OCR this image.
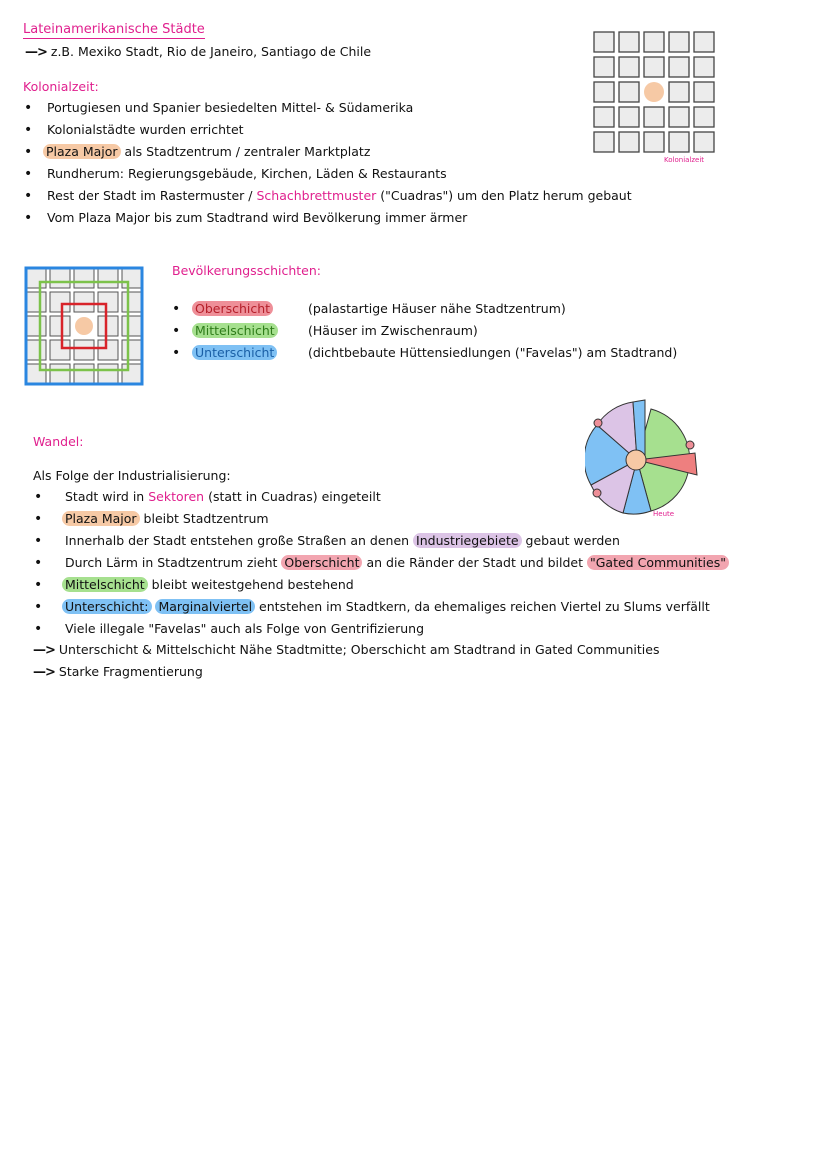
Lateinamerikanische Städte
—> z.B. Mexiko Stadt, Rio de Janeiro, Santiago de Chile
Kolonialzeit:
• Portugiesen und Spanier besiedelten Mittel- & Südamerika
• Kolonialstädte wurden errichtet
• Plaza Major als Stadtzentrum / zentraler Marktplatz
• Rundherum: Regierungsgebäude, Kirchen, Läden & Restaurants
• Rest der Stadt im Rastermuster / Schachbrettmuster ("Cuadras") um den Platz herum gebaut
• Vom Plaza Major bis zum Stadtrand wird Bevölkerung immer ärmer
Kolonialzeit
Bevölkerungsschichten:
• Oberschicht	(palastartige Häuser nähe Stadtzentrum)
• Mittelschicht	(Häuser im Zwischenraum)
• Unterschicht	(dichtbebaute Hüttensiedlungen ("Favelas") am Stadtrand)
Wandel:
Als Folge der Industrialisierung:
Heute
• Stadt wird in Sektoren (statt in Cuadras) eingeteilt
• Plaza Major bleibt Stadtzentrum
• Innerhalb der Stadt entstehen große Straßen an denen Industriegebiete gebaut werden
• Durch Lärm in Stadtzentrum zieht Oberschicht an die Ränder der Stadt und bildet "Gated Communities"
• Mittelschicht bleibt weitestgehend bestehend
• Unterschicht: Marginalviertel entstehen im Stadtkern, da ehemaliges reichen Viertel zu Slums verfällt
• Viele illegale "Favelas" auch als Folge von Gentrifizierung
—> Unterschicht & Mittelschicht Nähe Stadtmitte; Oberschicht am Stadtrand in Gated Communities
—> Starke Fragmentierung
